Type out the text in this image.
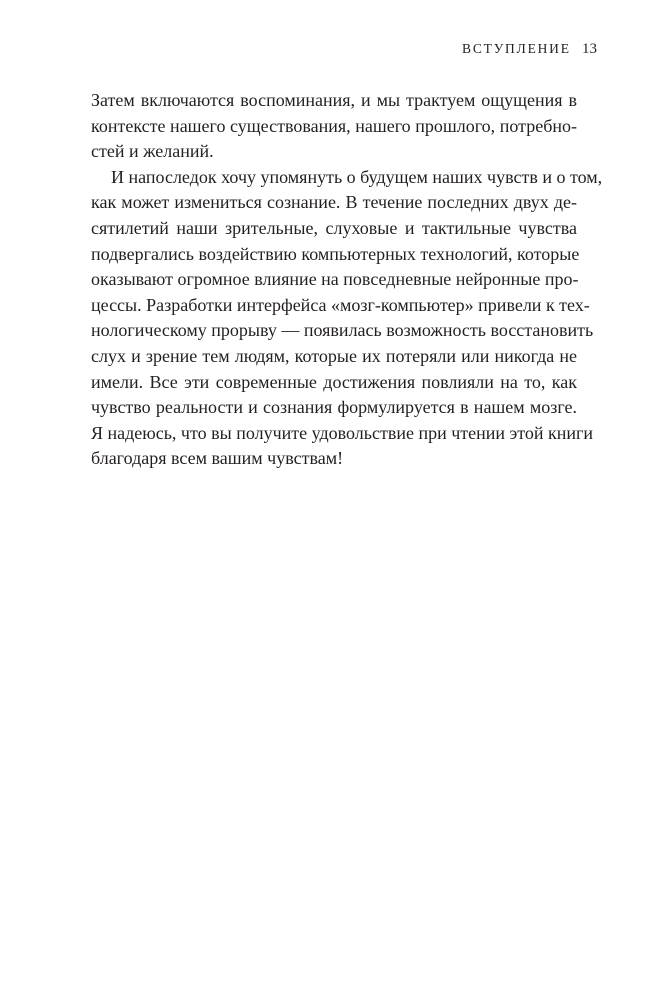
ВСТУПЛЕНИЕ 13
Затем включаются воспоминания, и мы трактуем ощущения в
контексте нашего существования, нашего прошлого, потребно-
стей и желаний.
И напоследок хочу упомянуть о будущем наших чувств и о том,
как может измениться сознание. В течение последних двух де-
сятилетий наши зрительные, слуховые и тактильные чувства
подвергались воздействию компьютерных технологий, которые
оказывают огромное влияние на повседневные нейронные про-
цессы. Разработки интерфейса «мозг-компьютер» привели к тех-
нологическому прорыву — появилась возможность восстановить
слух и зрение тем людям, которые их потеряли или никогда не
имели. Все эти современные достижения повлияли на то, как
чувство реальности и сознания формулируется в нашем мозге.
Я надеюсь, что вы получите удовольствие при чтении этой книги
благодаря всем вашим чувствам!
